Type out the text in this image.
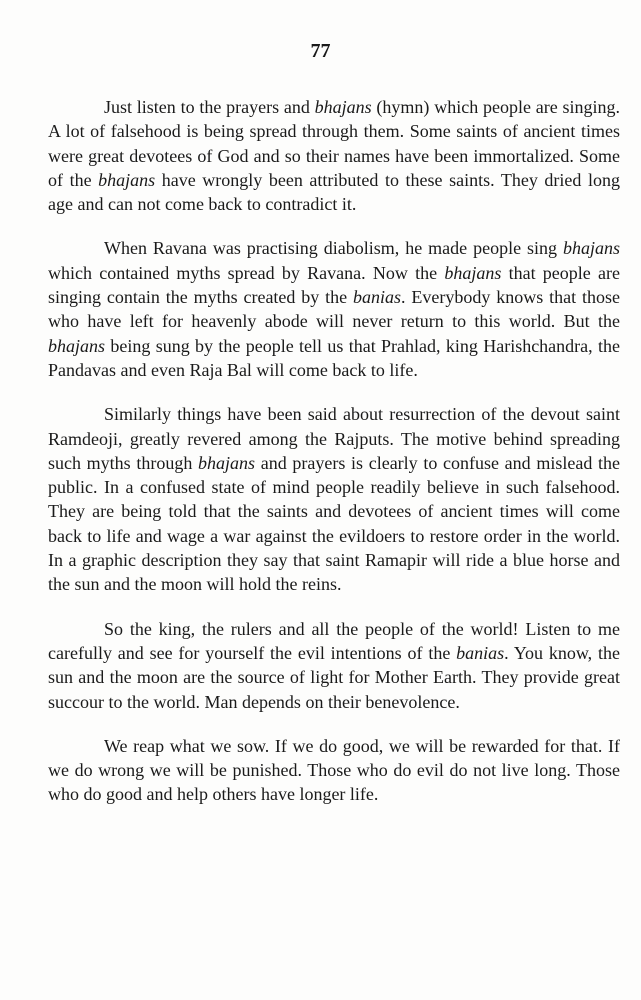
77

Just listen to the prayers and bhajans (hymn) which people are singing. A lot of falsehood is being spread through them. Some saints of ancient times were great devotees of God and so their names have been immortalized. Some of the bhajans have wrongly been attributed to these saints. They dried long age and can not come back to contradict it.

When Ravana was practising diabolism, he made people sing bhajans which contained myths spread by Ravana. Now the bhajans that people are singing contain the myths created by the banias. Everybody knows that those who have left for heavenly abode will never return to this world. But the bhajans being sung by the people tell us that Prahlad, king Harishchandra, the Pandavas and even Raja Bal will come back to life.

Similarly things have been said about resurrection of the devout saint Ramdeoji, greatly revered among the Rajputs. The motive behind spreading such myths through bhajans and prayers is clearly to confuse and mislead the public. In a confused state of mind people readily believe in such falsehood. They are being told that the saints and devotees of ancient times will come back to life and wage a war against the evildoers to restore order in the world. In a graphic description they say that saint Ramapir will ride a blue horse and the sun and the moon will hold the reins.

So the king, the rulers and all the people of the world! Listen to me carefully and see for yourself the evil intentions of the banias. You know, the sun and the moon are the source of light for Mother Earth. They provide great succour to the world. Man depends on their benevolence.

We reap what we sow. If we do good, we will be rewarded for that. If we do wrong we will be punished. Those who do evil do not live long. Those who do good and help others have longer life.
